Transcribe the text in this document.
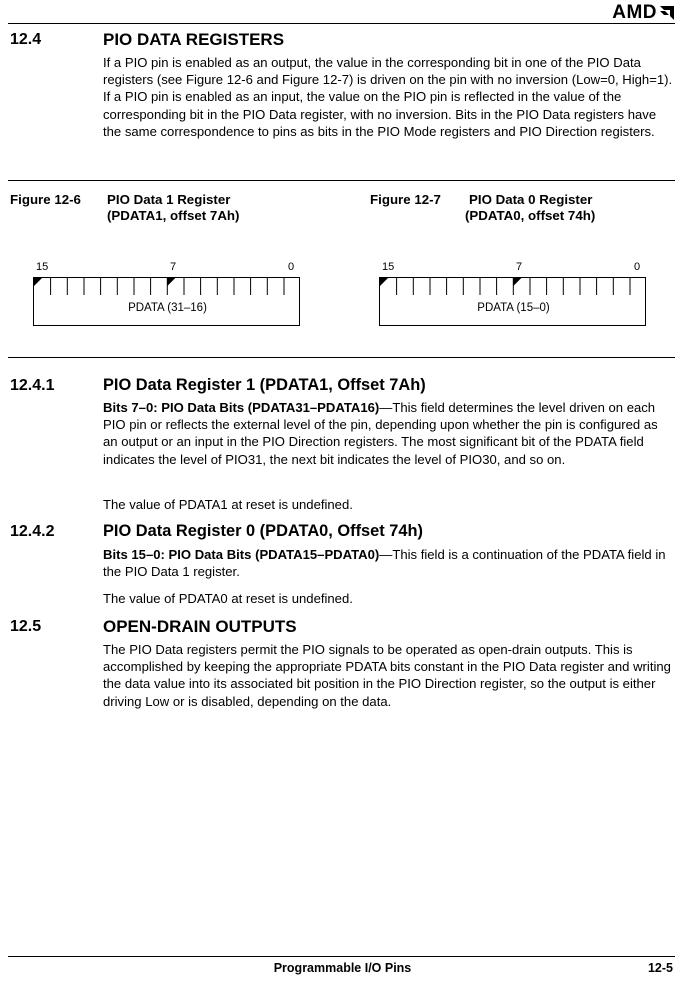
AMD
12.4	PIO DATA REGISTERS
If a PIO pin is enabled as an output, the value in the corresponding bit in one of the PIO Data registers (see Figure 12-6 and Figure 12-7) is driven on the pin with no inversion (Low=0, High=1). If a PIO pin is enabled as an input, the value on the PIO pin is reflected in the value of the corresponding bit in the PIO Data register, with no inversion. Bits in the PIO Data registers have the same correspondence to pins as bits in the PIO Mode registers and PIO Direction registers.
Figure 12-6 PIO Data 1 Register
(PDATA1, offset 7Ah)
15	7	0
PDATA (31–16)
Figure 12-7 PIO Data 0 Register
(PDATA0, offset 74h)
15	7	0
PDATA (15–0)
12.4.1	PIO Data Register 1 (PDATA1, Offset 7Ah)
Bits 7–0: PIO Data Bits (PDATA31–PDATA16)—This field determines the level driven on each PIO pin or reflects the external level of the pin, depending upon whether the pin is configured as an output or an input in the PIO Direction registers. The most significant bit of the PDATA field indicates the level of PIO31, the next bit indicates the level of PIO30, and so on.
The value of PDATA1 at reset is undefined.
12.4.2	PIO Data Register 0 (PDATA0, Offset 74h)
Bits 15–0: PIO Data Bits (PDATA15–PDATA0)—This field is a continuation of the PDATA field in the PIO Data 1 register.
The value of PDATA0 at reset is undefined.
12.5	OPEN-DRAIN OUTPUTS
The PIO Data registers permit the PIO signals to be operated as open-drain outputs. This is accomplished by keeping the appropriate PDATA bits constant in the PIO Data register and writing the data value into its associated bit position in the PIO Direction register, so the output is either driving Low or is disabled, depending on the data.
Programmable I/O Pins	12-5
